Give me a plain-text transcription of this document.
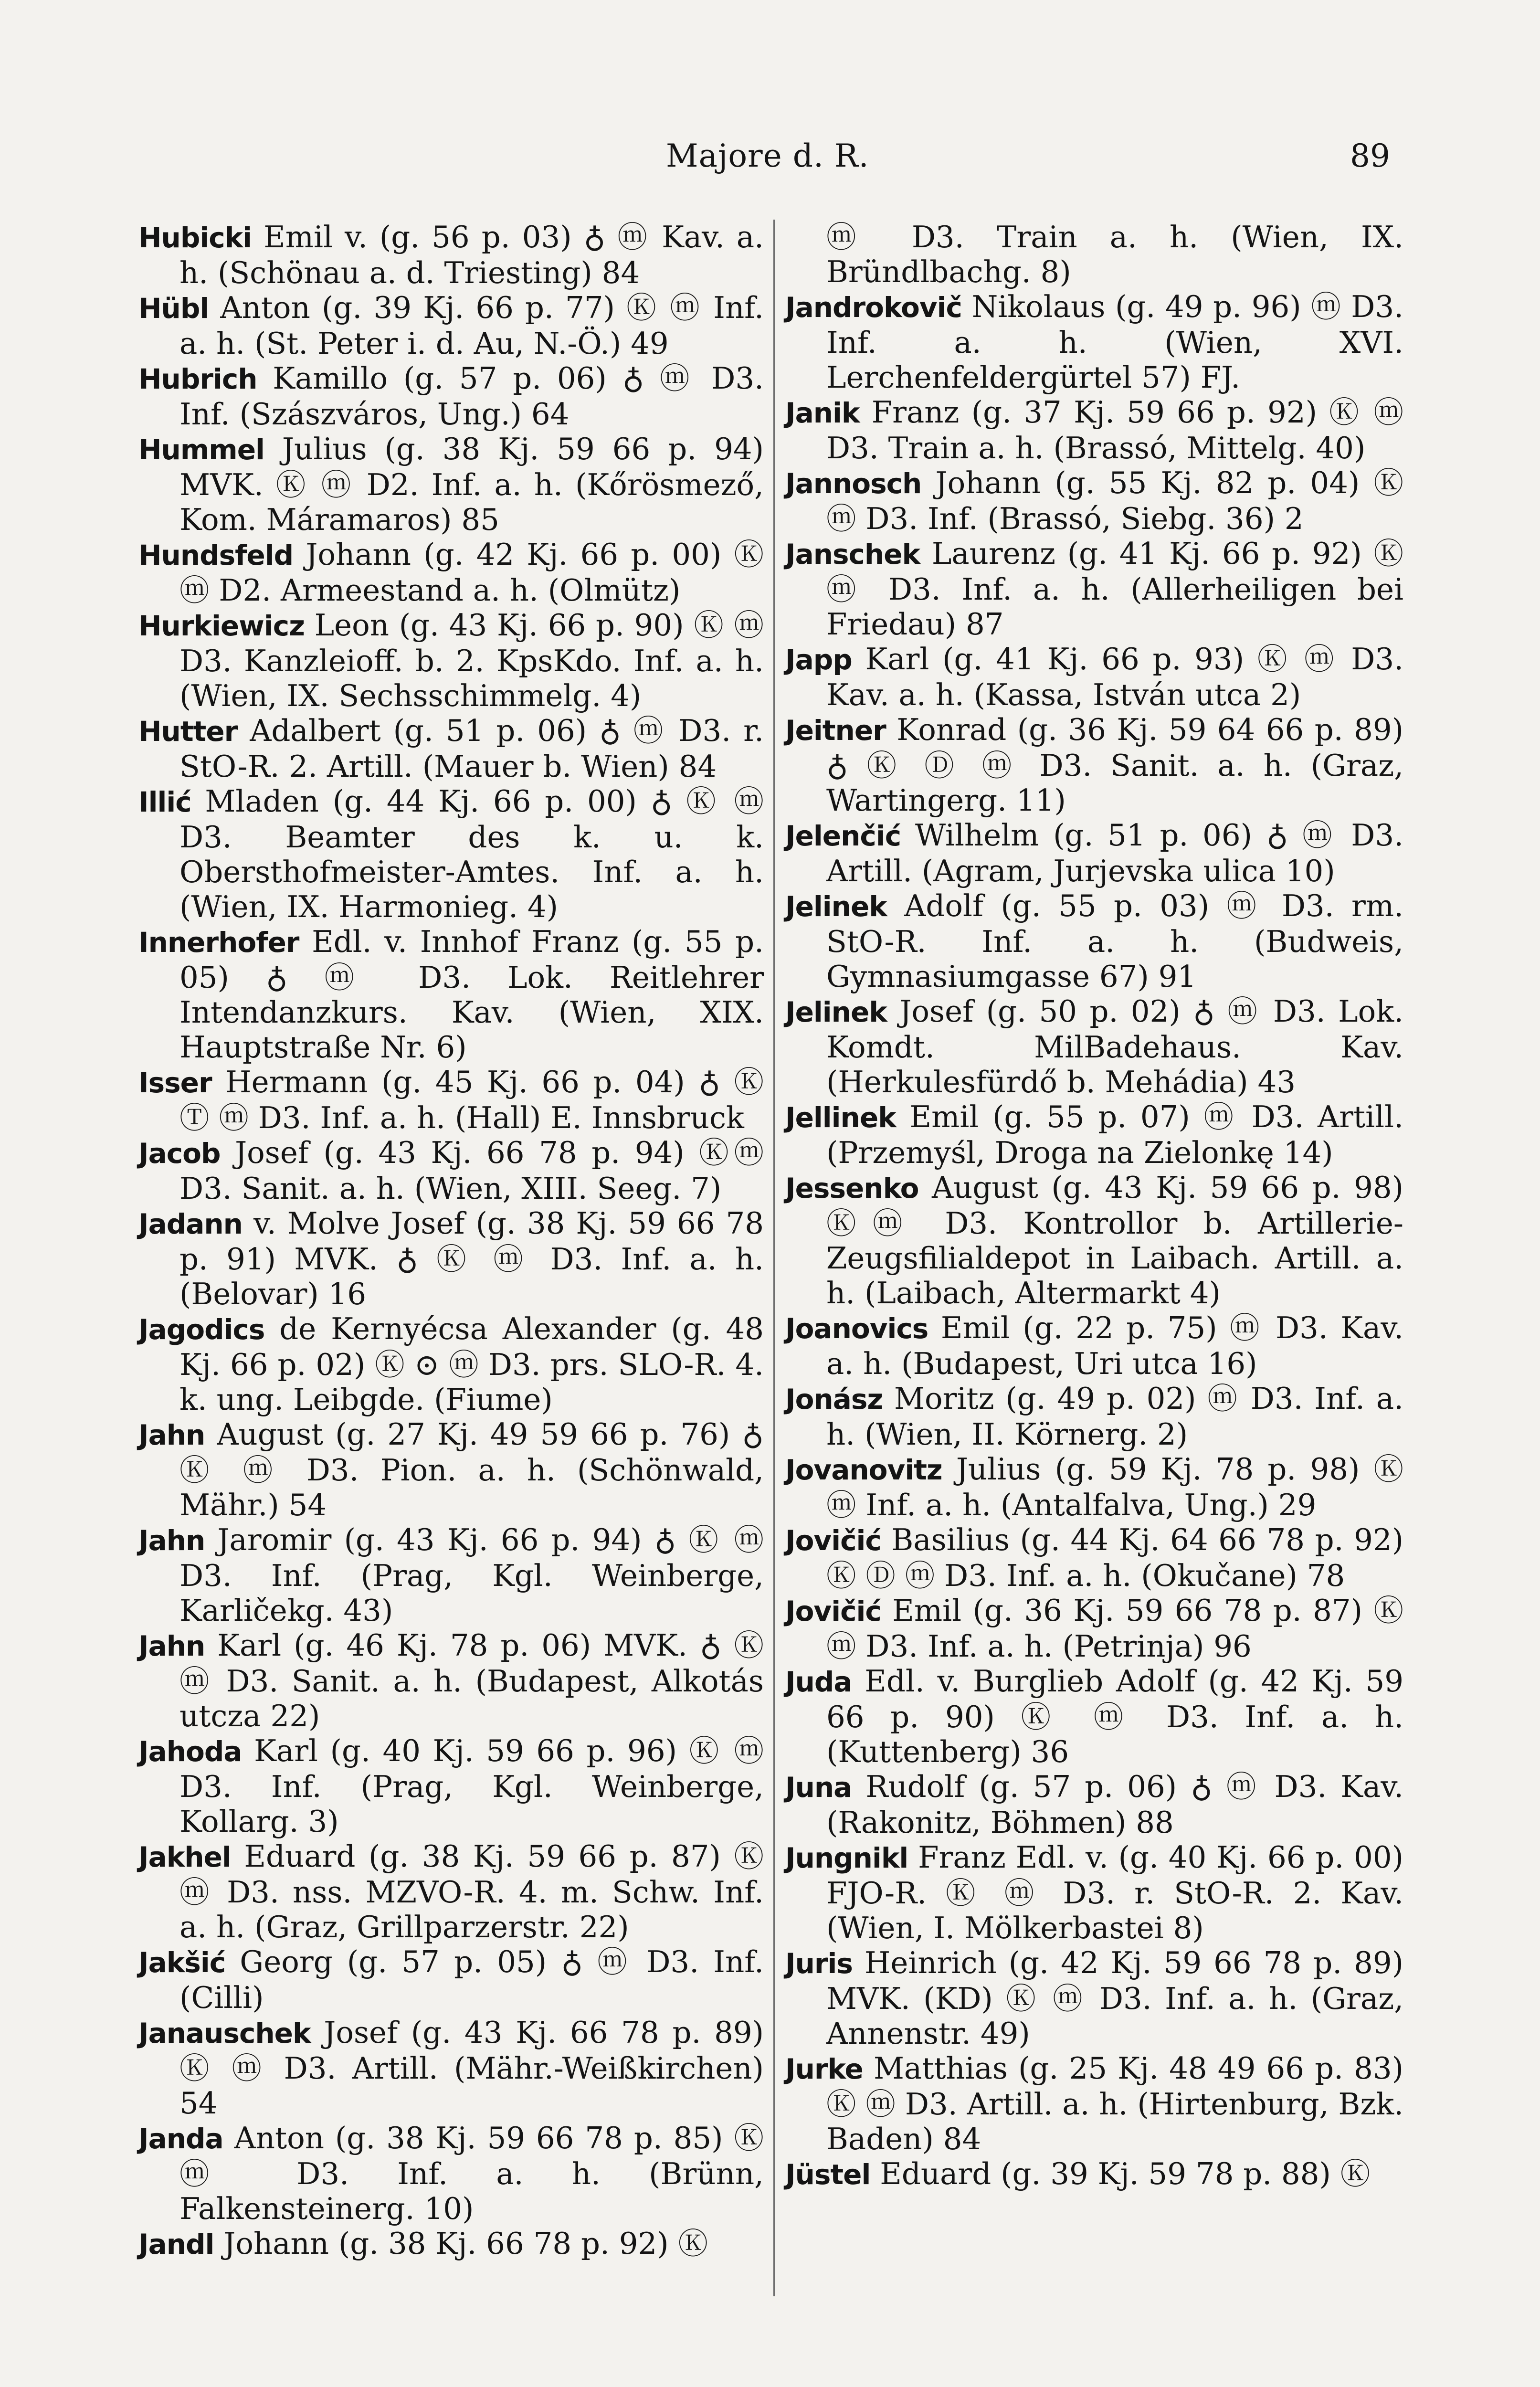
Majore d. R.	89

Hubicki Emil v. (g. 56 p. 03) ♁ ⓜ Kav. a. h. (Schönau a. d. Triesting) 84

Hübl Anton (g. 39 Kj. 66 p. 77) Ⓚ ⓜ Inf. a. h. (St. Peter i. d. Au, N.-Ö.) 49

Hubrich Kamillo (g. 57 p. 06) ♁ ⓜ D3. Inf. (Szászváros, Ung.) 64

Hummel Julius (g. 38 Kj. 59 66 p. 94) MVK. Ⓚ ⓜ D2. Inf. a. h. (Kőrösmező, Kom. Máramaros) 85

Hundsfeld Johann (g. 42 Kj. 66 p. 00) Ⓚ ⓜ D2. Armeestand a. h. (Olmütz)

Hurkiewicz Leon (g. 43 Kj. 66 p. 90) Ⓚ ⓜ D3. Kanzleioff. b. 2. KpsKdo. Inf. a. h. (Wien, IX. Sechsschimmelg. 4)

Hutter Adalbert (g. 51 p. 06) ♁ ⓜ D3. r. StO-R. 2. Artill. (Mauer b. Wien) 84

Illić Mladen (g. 44 Kj. 66 p. 00) ♁ Ⓚ ⓜ D3. Beamter des k. u. k. Obersthofmeister-Amtes. Inf. a. h. (Wien, IX. Harmonieg. 4)

Innerhofer Edl. v. Innhof Franz (g. 55 p. 05) ♁ ⓜ D3. Lok. Reitlehrer Intendanzkurs. Kav. (Wien, XIX. Hauptstraße Nr. 6)

Isser Hermann (g. 45 Kj. 66 p. 04) ♁ Ⓚ Ⓣ ⓜ D3. Inf. a. h. (Hall) E. Innsbruck

Jacob Josef (g. 43 Kj. 66 78 p. 94) Ⓚⓜ D3. Sanit. a. h. (Wien, XIII. Seeg. 7)

Jadann v. Molve Josef (g. 38 Kj. 59 66 78 p. 91) MVK. ♁ Ⓚ ⓜ D3. Inf. a. h. (Belovar) 16

Jagodics de Kernyécsa Alexander (g. 48 Kj. 66 p. 02) Ⓚ ⊙ ⓜ D3. prs. SLO-R. 4. k. ung. Leibgde. (Fiume)

Jahn August (g. 27 Kj. 49 59 66 p. 76) ♁ Ⓚ ⓜ D3. Pion. a. h. (Schönwald, Mähr.) 54

Jahn Jaromir (g. 43 Kj. 66 p. 94) ♁ Ⓚ ⓜ D3. Inf. (Prag, Kgl. Weinberge, Karličekg. 43)

Jahn Karl (g. 46 Kj. 78 p. 06) MVK. ♁ Ⓚ ⓜ D3. Sanit. a. h. (Budapest, Alkotás utcza 22)

Jahoda Karl (g. 40 Kj. 59 66 p. 96) Ⓚ ⓜ D3. Inf. (Prag, Kgl. Weinberge, Kollarg. 3)

Jakhel Eduard (g. 38 Kj. 59 66 p. 87) Ⓚ ⓜ D3. nss. MZVO-R. 4. m. Schw. Inf. a. h. (Graz, Grillparzerstr. 22)

Jakšić Georg (g. 57 p. 05) ♁ ⓜ D3. Inf. (Cilli)

Janauschek Josef (g. 43 Kj. 66 78 p. 89) Ⓚ ⓜ D3. Artill. (Mähr.-Weißkirchen) 54

Janda Anton (g. 38 Kj. 59 66 78 p. 85) Ⓚ ⓜ D3. Inf. a. h. (Brünn, Falkensteinerg. 10)

Jandl Johann (g. 38 Kj. 66 78 p. 92) Ⓚ

ⓜ D3. Train a. h. (Wien, IX. Bründlbachg. 8)

Jandrokovič Nikolaus (g. 49 p. 96) ⓜ D3. Inf. a. h. (Wien, XVI. Lerchenfeldergürtel 57) FJ.

Janik Franz (g. 37 Kj. 59 66 p. 92) Ⓚ ⓜ D3. Train a. h. (Brassó, Mittelg. 40)

Jannosch Johann (g. 55 Kj. 82 p. 04) Ⓚ ⓜ D3. Inf. (Brassó, Siebg. 36) 2

Janschek Laurenz (g. 41 Kj. 66 p. 92) Ⓚ ⓜ D3. Inf. a. h. (Allerheiligen bei Friedau) 87

Japp Karl (g. 41 Kj. 66 p. 93) Ⓚ ⓜ D3. Kav. a. h. (Kassa, István utca 2)

Jeitner Konrad (g. 36 Kj. 59 64 66 p. 89) ♁ Ⓚ Ⓓ ⓜ D3. Sanit. a. h. (Graz, Wartingerg. 11)

Jelenčić Wilhelm (g. 51 p. 06) ♁ ⓜ D3. Artill. (Agram, Jurjevska ulica 10)

Jelinek Adolf (g. 55 p. 03) ⓜ D3. rm. StO-R. Inf. a. h. (Budweis, Gymnasiumgasse 67) 91

Jelinek Josef (g. 50 p. 02) ♁ ⓜ D3. Lok. Komdt. MilBadehaus. Kav. (Herkulesfürdő b. Mehádia) 43

Jellinek Emil (g. 55 p. 07) ⓜ D3. Artill. (Przemyśl, Droga na Zielonkę 14)

Jessenko August (g. 43 Kj. 59 66 p. 98) Ⓚⓜ D3. Kontrollor b. Artillerie-Zeugsfilialdepot in Laibach. Artill. a. h. (Laibach, Altermarkt 4)

Joanovics Emil (g. 22 p. 75) ⓜ D3. Kav. a. h. (Budapest, Uri utca 16)

Jonász Moritz (g. 49 p. 02) ⓜ D3. Inf. a. h. (Wien, II. Körnerg. 2)

Jovanovitz Julius (g. 59 Kj. 78 p. 98) Ⓚ ⓜ Inf. a. h. (Antalfalva, Ung.) 29

Jovičić Basilius (g. 44 Kj. 64 66 78 p. 92) Ⓚ Ⓓ ⓜ D3. Inf. a. h. (Okučane) 78

Jovičić Emil (g. 36 Kj. 59 66 78 p. 87) Ⓚ ⓜ D3. Inf. a. h. (Petrinja) 96

Juda Edl. v. Burglieb Adolf (g. 42 Kj. 59 66 p. 90) Ⓚ ⓜ D3. Inf. a. h. (Kuttenberg) 36

Juna Rudolf (g. 57 p. 06) ♁ ⓜ D3. Kav. (Rakonitz, Böhmen) 88

Jungnikl Franz Edl. v. (g. 40 Kj. 66 p. 00) FJO-R. Ⓚ ⓜ D3. r. StO-R. 2. Kav. (Wien, I. Mölkerbastei 8)

Juris Heinrich (g. 42 Kj. 59 66 78 p. 89) MVK. (KD) Ⓚ ⓜ D3. Inf. a. h. (Graz, Annenstr. 49)

Jurke Matthias (g. 25 Kj. 48 49 66 p. 83) Ⓚ ⓜ D3. Artill. a. h. (Hirtenburg, Bzk. Baden) 84

Jüstel Eduard (g. 39 Kj. 59 78 p. 88) Ⓚ
